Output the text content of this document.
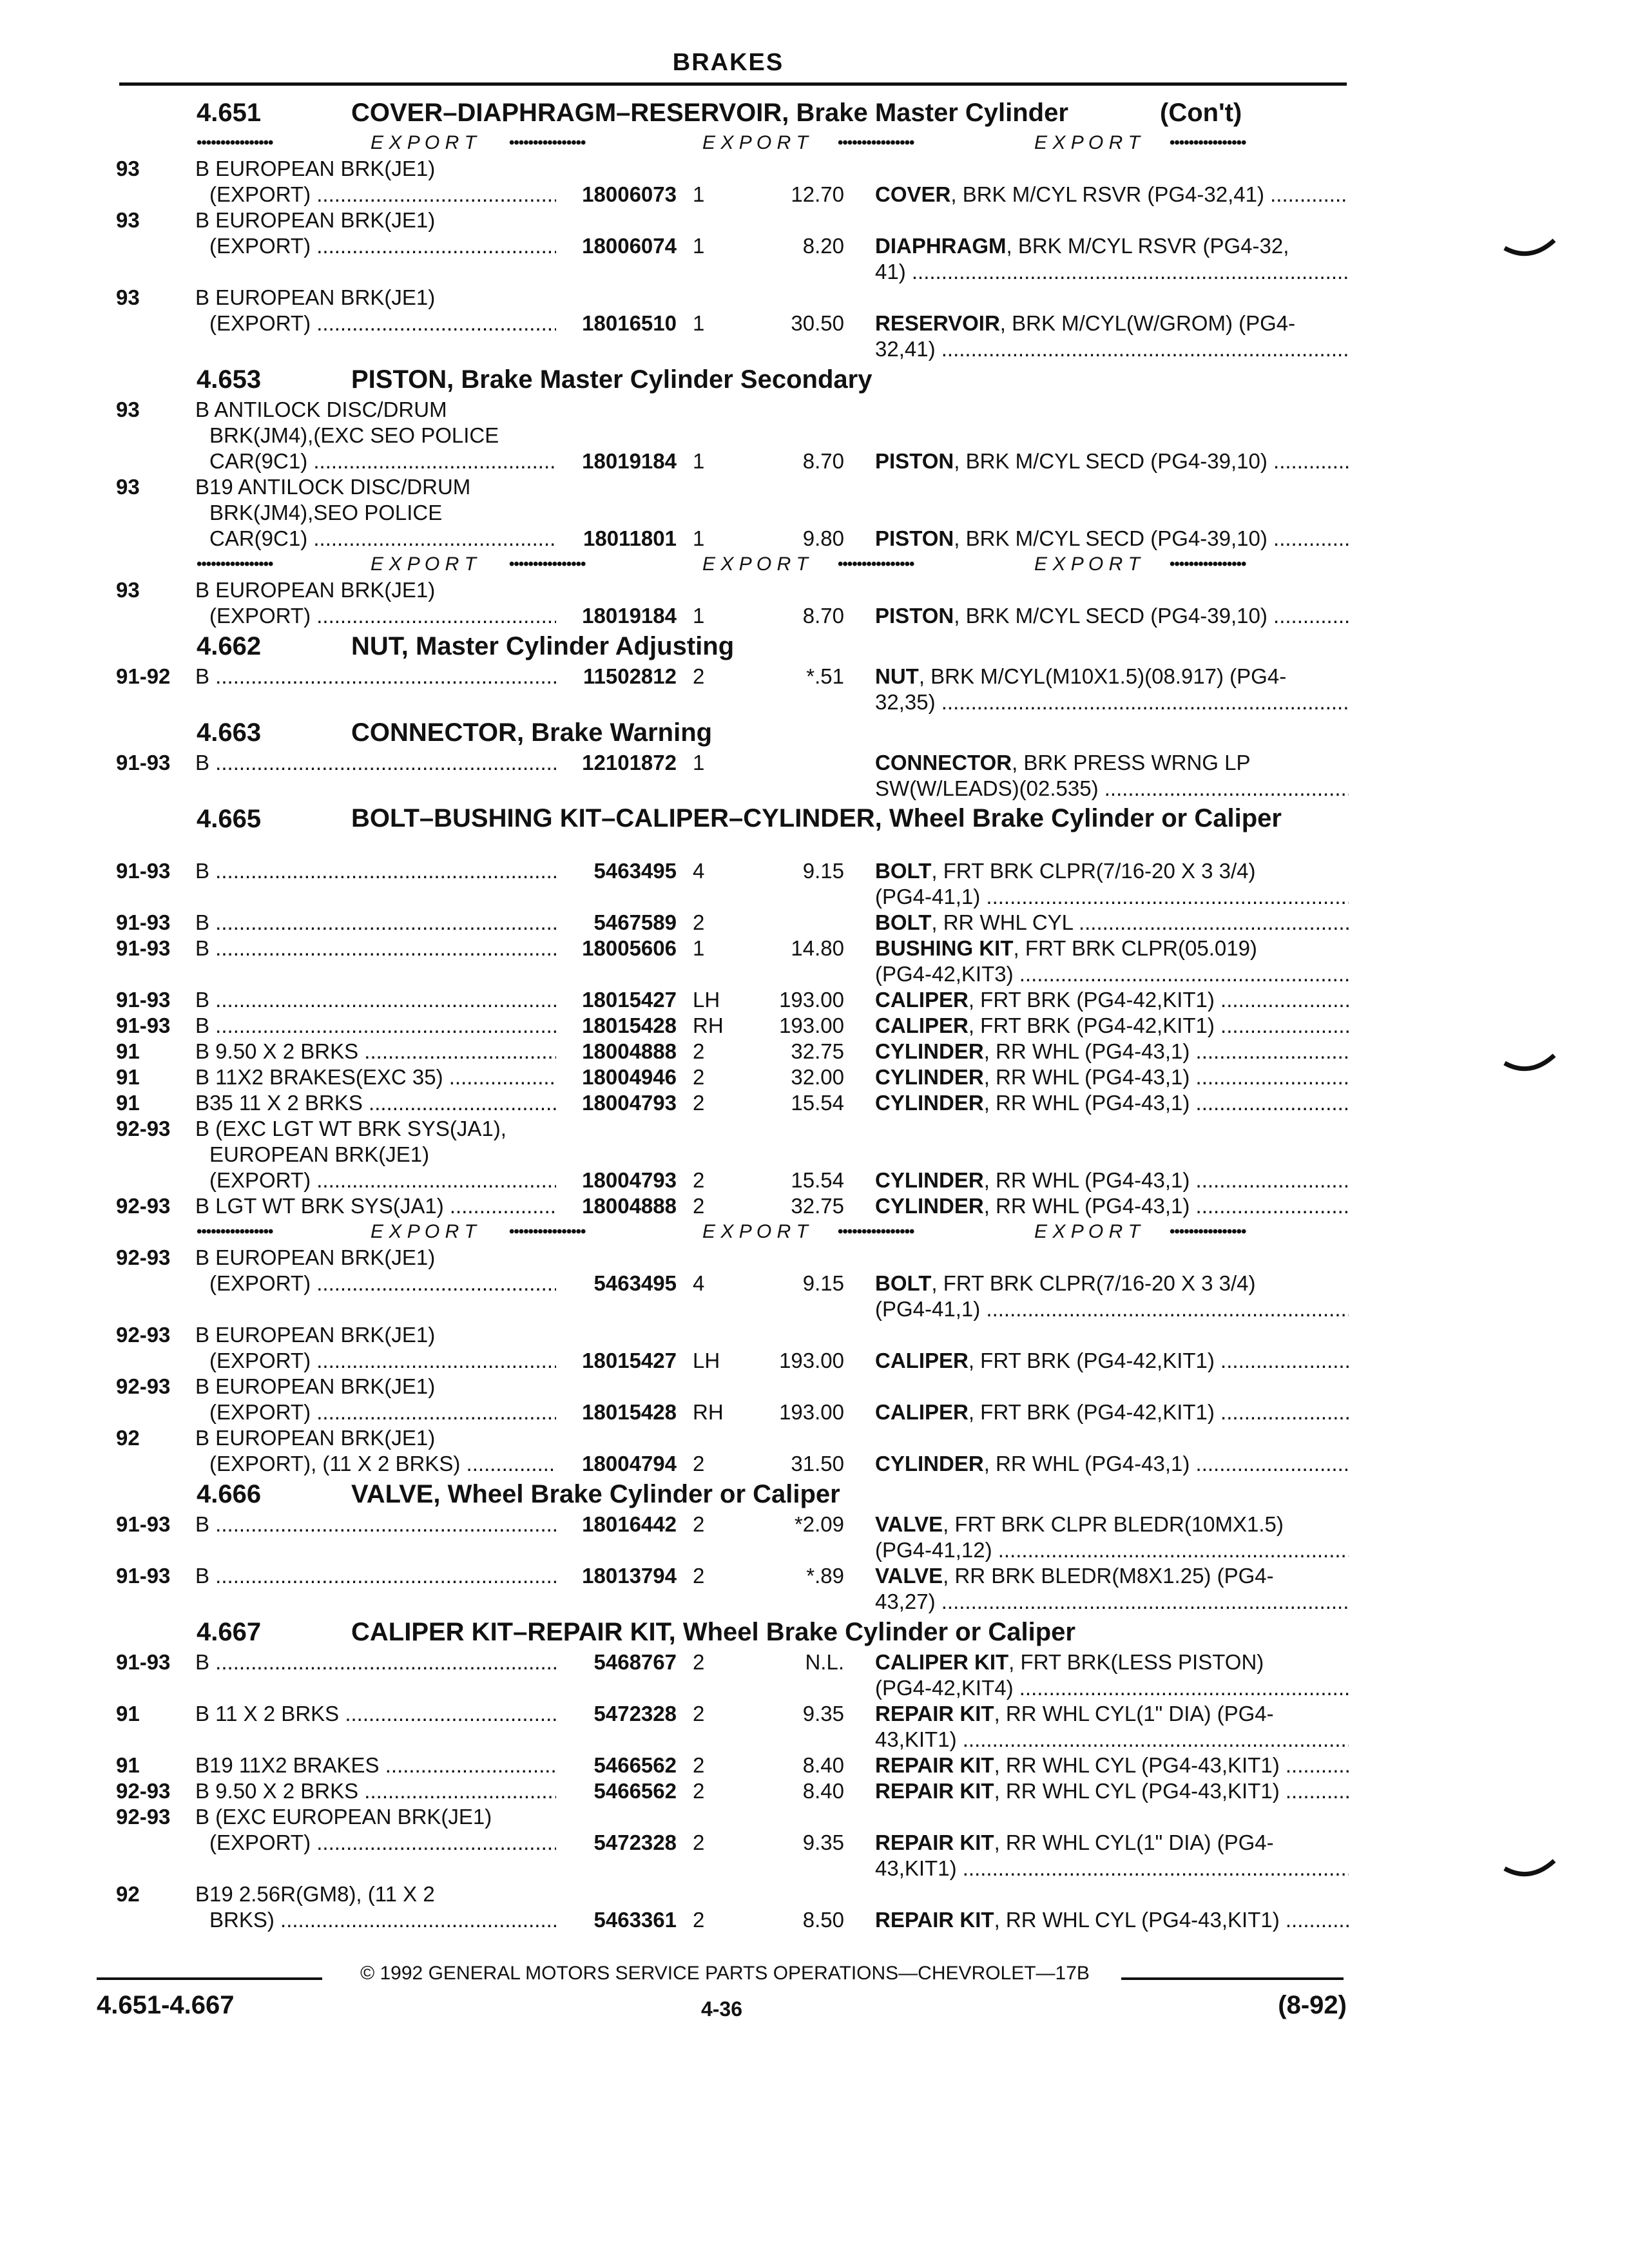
BRAKES
4.651	COVER–DIAPHRAGM–RESERVOIR, Brake Master Cylinder	(Con't)
••••••••••••••••	E X P O R T ••••••••••••••••	E X P O R T ••••••••••••••••	E X P O R T ••••••••••••••••
93	B EUROPEAN BRK(JE1)
(EXPORT) .....	18006073 1	12.70 COVER, BRK M/CYL RSVR (PG4-32,41) .....
93	B EUROPEAN BRK(JE1)
(EXPORT) .....	18006074 1	8.20 DIAPHRAGM, BRK M/CYL RSVR (PG4-32,
41) .....
93	B EUROPEAN BRK(JE1)
(EXPORT) .....	18016510 1	30.50 RESERVOIR, BRK M/CYL(W/GROM) (PG4-
32,41) .....
4.653	PISTON, Brake Master Cylinder Secondary
93	B ANTILOCK DISC/DRUM
BRK(JM4),(EXC SEO POLICE
CAR(9C1) .....	18019184 1	8.70 PISTON, BRK M/CYL SECD (PG4-39,10) .....
93	B19 ANTILOCK DISC/DRUM
BRK(JM4),SEO POLICE
CAR(9C1) .....	18011801 1	9.80 PISTON, BRK M/CYL SECD (PG4-39,10) .....
••••••••••••••••	E X P O R T ••••••••••••••••	E X P O R T ••••••••••••••••	E X P O R T ••••••••••••••••
93	B EUROPEAN BRK(JE1)
(EXPORT) .....	18019184 1	8.70 PISTON, BRK M/CYL SECD (PG4-39,10) .....
4.662	NUT, Master Cylinder Adjusting
91-92	B .....	11502812 2	*.51 NUT, BRK M/CYL(M10X1.5)(08.917) (PG4-
32,35) .....
4.663	CONNECTOR, Brake Warning
91-93	B .....	12101872 1	CONNECTOR, BRK PRESS WRNG LP
SW(W/LEADS)(02.535) .....
4.665	BOLT–BUSHING KIT–CALIPER–CYLINDER, Wheel Brake Cylinder or Caliper
91-93	B .....	5463495 4	9.15 BOLT, FRT BRK CLPR(7/16-20 X 3 3/4)
(PG4-41,1) .....
91-93	B .....	5467589 2	BOLT, RR WHL CYL .....
91-93	B .....	18005606 1	14.80 BUSHING KIT, FRT BRK CLPR(05.019)
(PG4-42,KIT3) .....
91-93	B .....	18015427 LH	193.00 CALIPER, FRT BRK (PG4-42,KIT1) .....
91-93	B .....	18015428 RH	193.00 CALIPER, FRT BRK (PG4-42,KIT1) .....
91	B 9.50 X 2 BRKS .....	18004888 2	32.75 CYLINDER, RR WHL (PG4-43,1) .....
91	B 11X2 BRAKES(EXC 35) .....	18004946 2	32.00 CYLINDER, RR WHL (PG4-43,1) .....
91	B35 11 X 2 BRKS .....	18004793 2	15.54 CYLINDER, RR WHL (PG4-43,1) .....
92-93	B (EXC LGT WT BRK SYS(JA1),
EUROPEAN BRK(JE1)
(EXPORT) .....	18004793 2	15.54 CYLINDER, RR WHL (PG4-43,1) .....
92-93	B LGT WT BRK SYS(JA1) .....	18004888 2	32.75 CYLINDER, RR WHL (PG4-43,1) .....
••••••••••••••••	E X P O R T ••••••••••••••••	E X P O R T ••••••••••••••••	E X P O R T ••••••••••••••••
92-93	B EUROPEAN BRK(JE1)
(EXPORT) .....	5463495 4	9.15 BOLT, FRT BRK CLPR(7/16-20 X 3 3/4)
(PG4-41,1) .....
92-93	B EUROPEAN BRK(JE1)
(EXPORT) .....	18015427 LH	193.00 CALIPER, FRT BRK (PG4-42,KIT1) .....
92-93	B EUROPEAN BRK(JE1)
(EXPORT) .....	18015428 RH	193.00 CALIPER, FRT BRK (PG4-42,KIT1) .....
92	B EUROPEAN BRK(JE1)
(EXPORT), (11 X 2 BRKS) .....	18004794 2	31.50 CYLINDER, RR WHL (PG4-43,1) .....
4.666	VALVE, Wheel Brake Cylinder or Caliper
91-93	B .....	18016442 2	*2.09 VALVE, FRT BRK CLPR BLEDR(10MX1.5)
(PG4-41,12) .....
91-93	B .....	18013794 2	*.89 VALVE, RR BRK BLEDR(M8X1.25) (PG4-
43,27) .....
4.667	CALIPER KIT–REPAIR KIT, Wheel Brake Cylinder or Caliper
91-93	B .....	5468767 2	N.L. CALIPER KIT, FRT BRK(LESS PISTON)
(PG4-42,KIT4) .....
91	B 11 X 2 BRKS .....	5472328 2	9.35 REPAIR KIT, RR WHL CYL(1" DIA) (PG4-
43,KIT1) .....
91	B19 11X2 BRAKES .....	5466562 2	8.40 REPAIR KIT, RR WHL CYL (PG4-43,KIT1) .....
92-93	B 9.50 X 2 BRKS .....	5466562 2	8.40 REPAIR KIT, RR WHL CYL (PG4-43,KIT1) .....
92-93	B (EXC EUROPEAN BRK(JE1)
(EXPORT) .....	5472328 2	9.35 REPAIR KIT, RR WHL CYL(1" DIA) (PG4-
43,KIT1) .....
92	B19 2.56R(GM8), (11 X 2
BRKS) .....	5463361 2	8.50 REPAIR KIT, RR WHL CYL (PG4-43,KIT1) .....
© 1992 GENERAL MOTORS SERVICE PARTS OPERATIONS—CHEVROLET—17B
4.651-4.667	4-36	(8-92)
